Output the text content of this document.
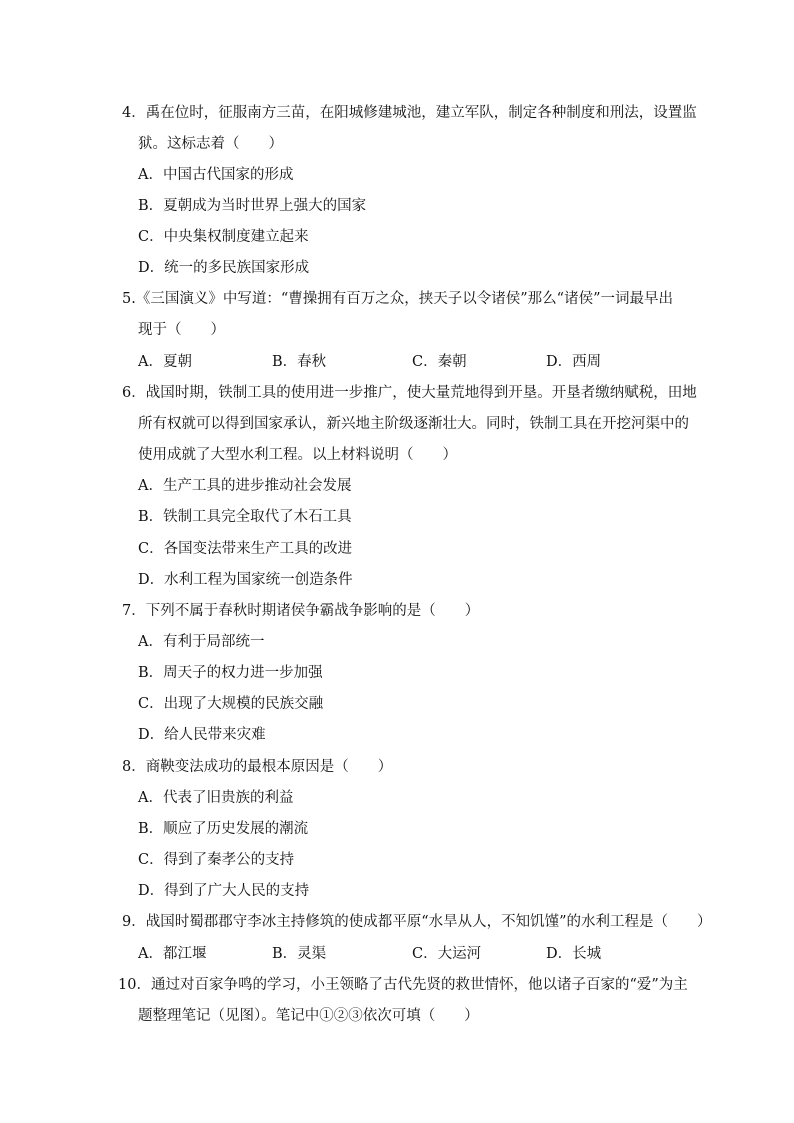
4．禹在位时，征服南方三苗，在阳城修建城池，建立军队，制定各种制度和刑法，设置监
狱。这标志着（　　）
A．中国古代国家的形成
B．夏朝成为当时世界上强大的国家
C．中央集权制度建立起来
D．统一的多民族国家形成
5.《三国演义》中写道：“曹操拥有百万之众，挟天子以令诸侯”那么“诸侯”一词最早出
现于（　　）
A．夏朝	B．春秋	C．秦朝	D．西周
6．战国时期，铁制工具的使用进一步推广，使大量荒地得到开垦。开垦者缴纳赋税，田地
所有权就可以得到国家承认，新兴地主阶级逐渐壮大。同时，铁制工具在开挖河渠中的
使用成就了大型水利工程。以上材料说明（　　）
A．生产工具的进步推动社会发展
B．铁制工具完全取代了木石工具
C．各国变法带来生产工具的改进
D．水利工程为国家统一创造条件
7．下列不属于春秋时期诸侯争霸战争影响的是（　　）
A．有利于局部统一
B．周天子的权力进一步加强
C．出现了大规模的民族交融
D．给人民带来灾难
8．商鞅变法成功的最根本原因是（　　）
A．代表了旧贵族的利益
B．顺应了历史发展的潮流
C．得到了秦孝公的支持
D．得到了广大人民的支持
9．战国时蜀郡郡守李冰主持修筑的使成都平原“水旱从人，不知饥馑”的水利工程是（　　）
A．都江堰	B．灵渠	C．大运河	D．长城
10．通过对百家争鸣的学习，小王领略了古代先贤的救世情怀，他以诸子百家的“爱”为主
题整理笔记（见图）。笔记中①②③依次可填（　　）
